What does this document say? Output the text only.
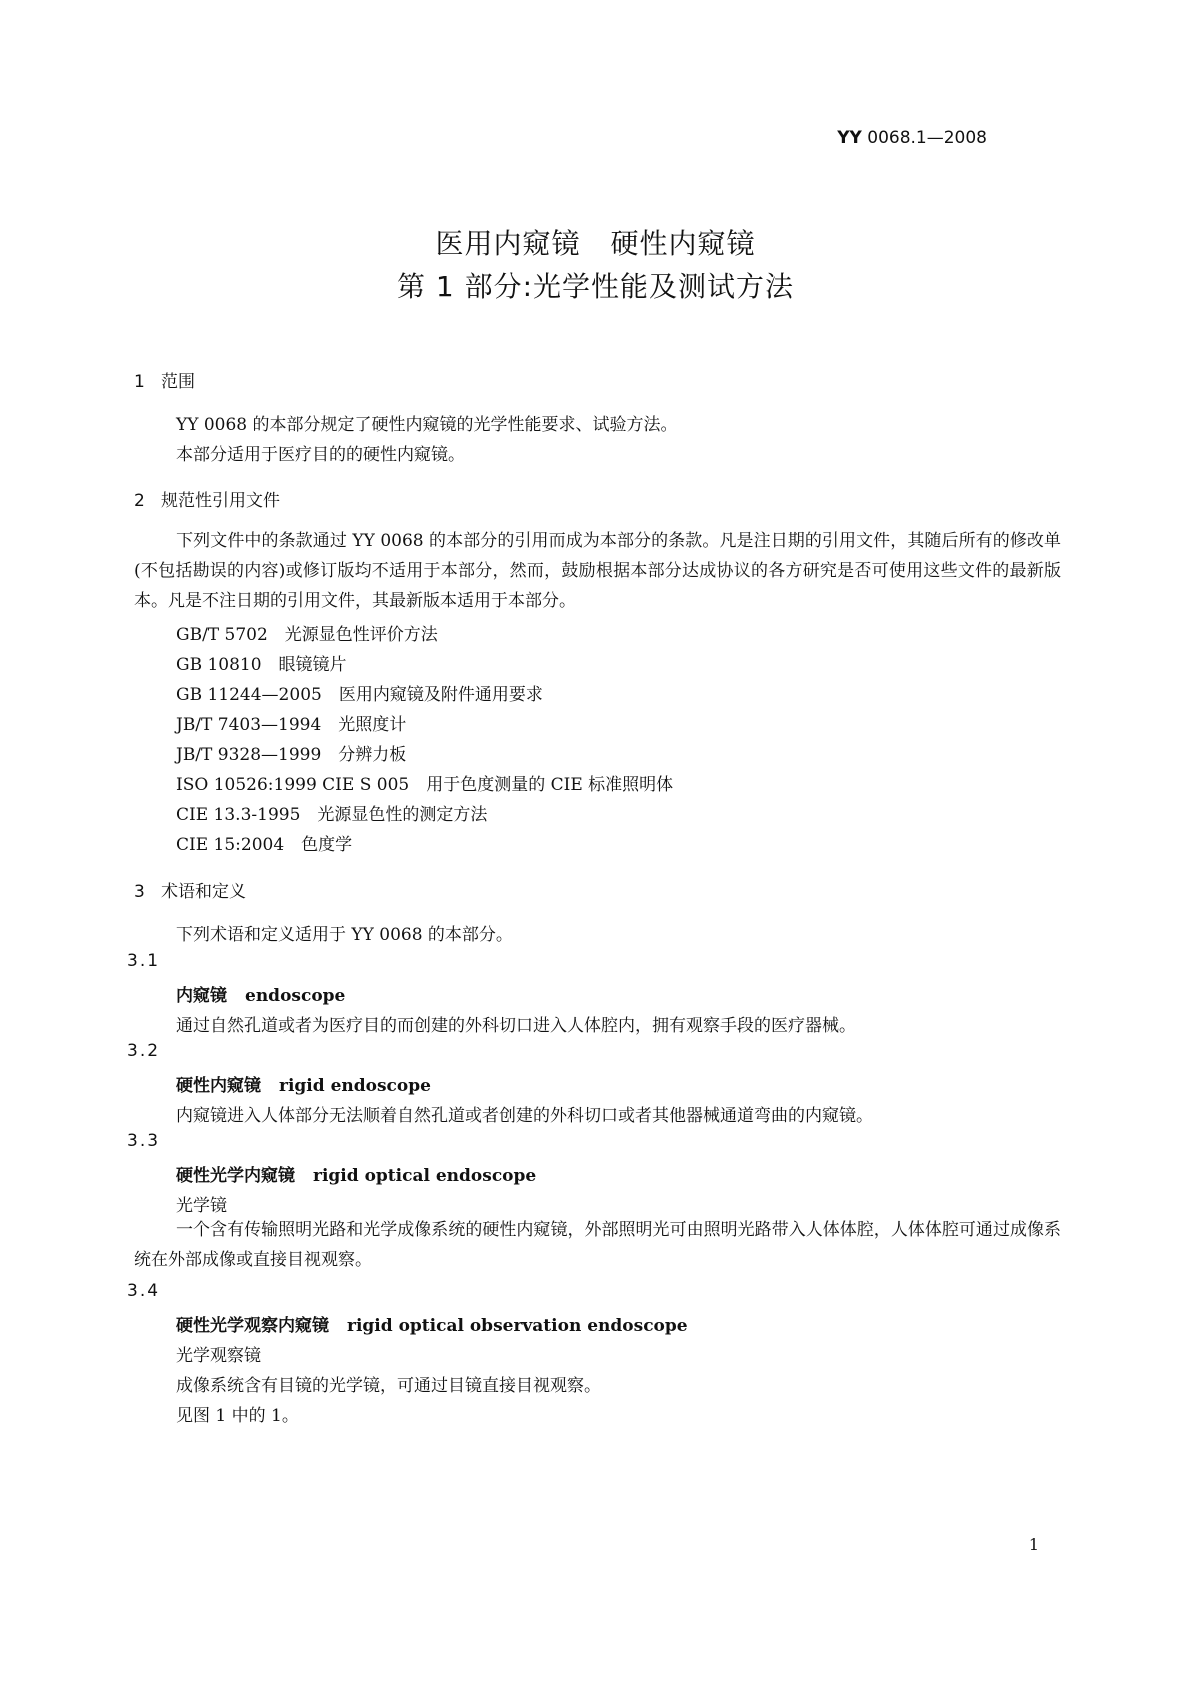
YY 0068.1—2008
医用内窥镜 硬性内窥镜
第 1 部分:光学性能及测试方法
1 范围
YY 0068 的本部分规定了硬性内窥镜的光学性能要求、试验方法。
本部分适用于医疗目的的硬性内窥镜。
2 规范性引用文件
下列文件中的条款通过 YY 0068 的本部分的引用而成为本部分的条款。凡是注日期的引用文件，其随后所有的修改单(不包括勘误的内容)或修订版均不适用于本部分，然而，鼓励根据本部分达成协议的各方研究是否可使用这些文件的最新版本。凡是不注日期的引用文件，其最新版本适用于本部分。
GB/T 5702　光源显色性评价方法
GB 10810　眼镜镜片
GB 11244—2005　医用内窥镜及附件通用要求
JB/T 7403—1994　光照度计
JB/T 9328—1999　分辨力板
ISO 10526:1999 CIE S 005　用于色度测量的 CIE 标准照明体
CIE 13.3-1995　光源显色性的测定方法
CIE 15:2004　色度学
3 术语和定义
下列术语和定义适用于 YY 0068 的本部分。
3.1
内窥镜 endoscope
通过自然孔道或者为医疗目的而创建的外科切口进入人体腔内，拥有观察手段的医疗器械。
3.2
硬性内窥镜 rigid endoscope
内窥镜进入人体部分无法顺着自然孔道或者创建的外科切口或者其他器械通道弯曲的内窥镜。
3.3
硬性光学内窥镜 rigid optical endoscope
光学镜
一个含有传输照明光路和光学成像系统的硬性内窥镜，外部照明光可由照明光路带入人体体腔，人体体腔可通过成像系统在外部成像或直接目视观察。
3.4
硬性光学观察内窥镜 rigid optical observation endoscope
光学观察镜
成像系统含有目镜的光学镜，可通过目镜直接目视观察。
见图 1 中的 1。
1
